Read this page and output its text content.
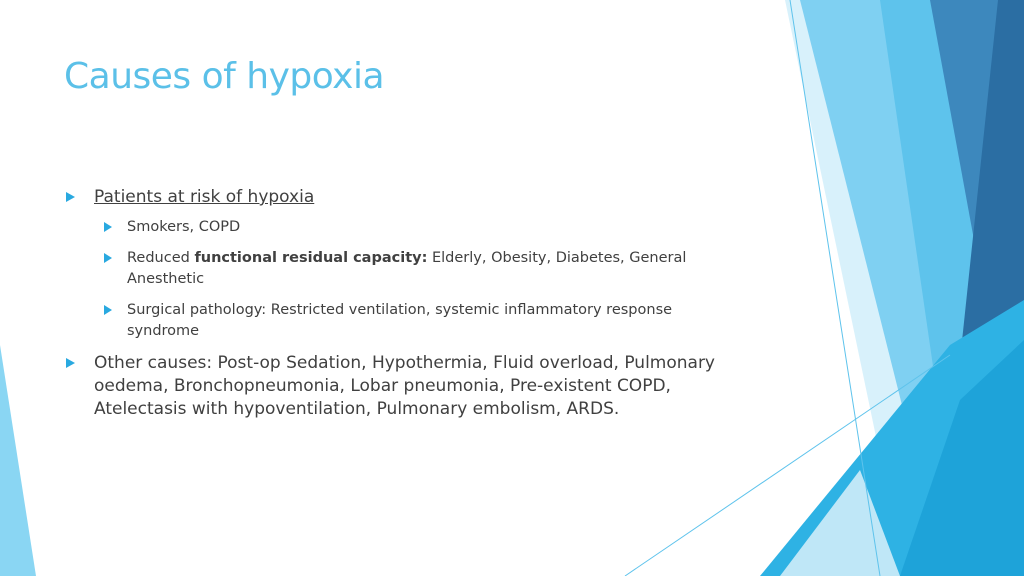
Causes of hypoxia
Patients at risk of hypoxia
Smokers, COPD
Reduced functional residual capacity: Elderly, Obesity, Diabetes, General Anesthetic
Surgical pathology: Restricted ventilation, systemic inflammatory response syndrome
Other causes: Post-op Sedation, Hypothermia, Fluid overload, Pulmonary oedema, Bronchopneumonia, Lobar pneumonia, Pre-existent COPD, Atelectasis with hypoventilation, Pulmonary embolism, ARDS.
